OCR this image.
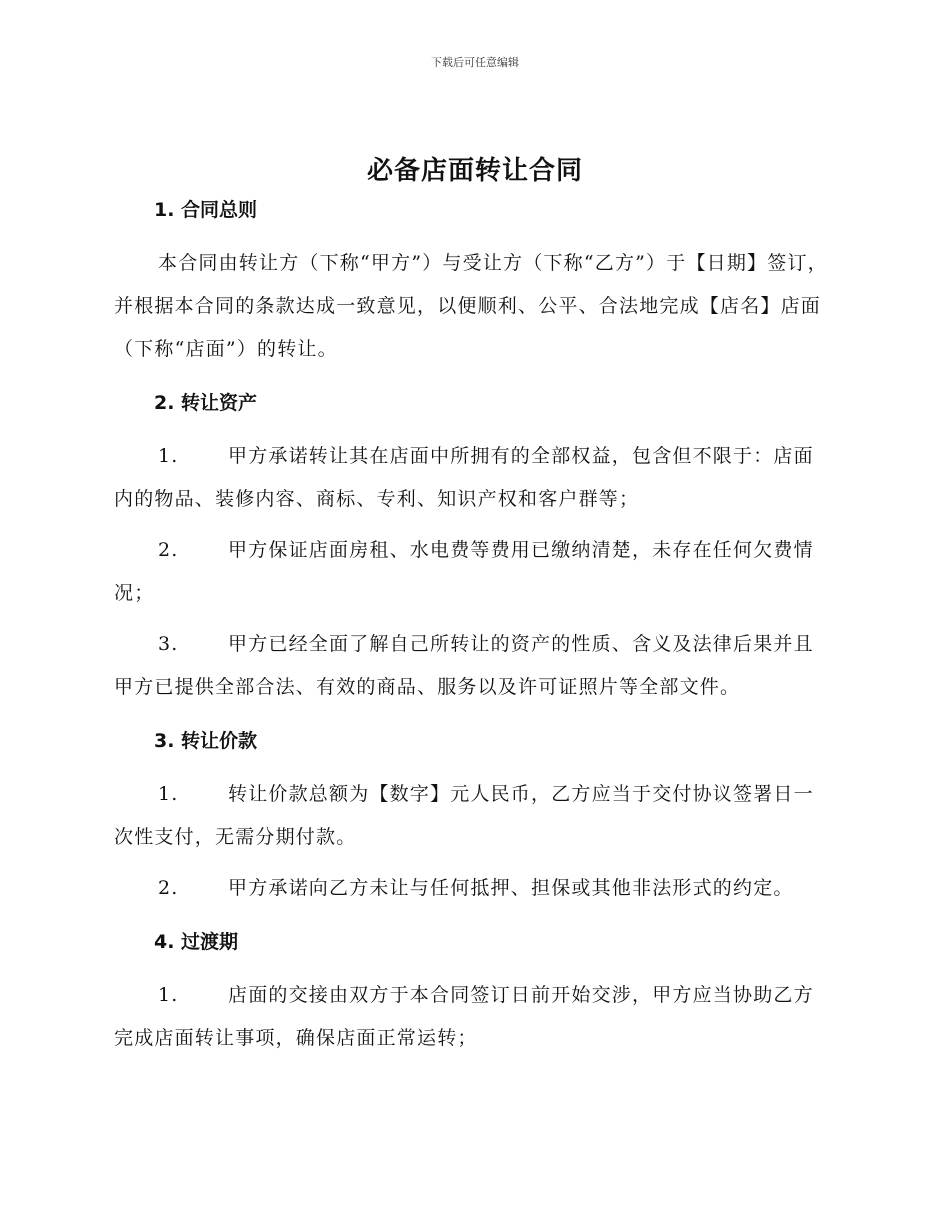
下载后可任意编辑
必备店面转让合同
1. 合同总则

本合同由转让方（下称“甲方”）与受让方（下称“乙方”）于【日期】签订，并根据本合同的条款达成一致意见，以便顺利、公平、合法地完成【店名】店面（下称“店面”）的转让。

2. 转让资产

1.	甲方承诺转让其在店面中所拥有的全部权益，包含但不限于：店面内的物品、装修内容、商标、专利、知识产权和客户群等；

2.	甲方保证店面房租、水电费等费用已缴纳清楚，未存在任何欠费情况；

3.	甲方已经全面了解自己所转让的资产的性质、含义及法律后果并且甲方已提供全部合法、有效的商品、服务以及许可证照片等全部文件。

3. 转让价款

1.	转让价款总额为【数字】元人民币，乙方应当于交付协议签署日一次性支付，无需分期付款。

2.	甲方承诺向乙方未让与任何抵押、担保或其他非法形式的约定。

4. 过渡期

1.	店面的交接由双方于本合同签订日前开始交涉，甲方应当协助乙方完成店面转让事项，确保店面正常运转；
